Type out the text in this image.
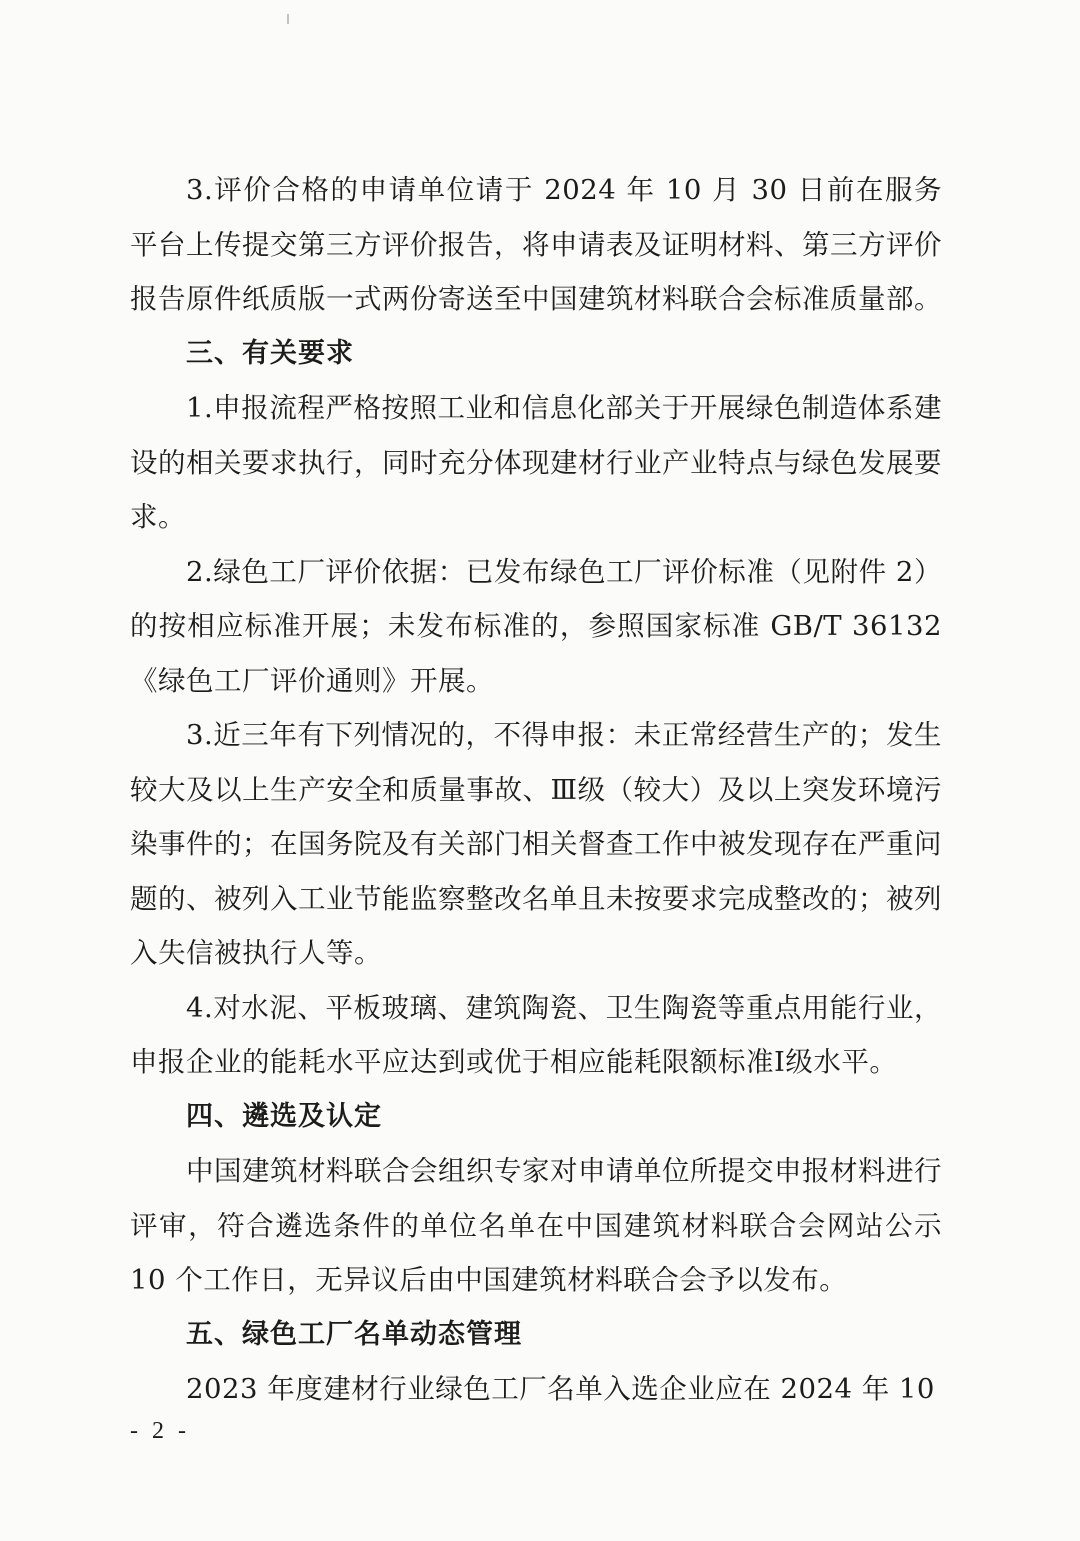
3.评价合格的申请单位请于 2024 年 10 月 30 日前在服务平台上传提交第三方评价报告，将申请表及证明材料、第三方评价报告原件纸质版一式两份寄送至中国建筑材料联合会标准质量部。

三、有关要求

1.申报流程严格按照工业和信息化部关于开展绿色制造体系建设的相关要求执行，同时充分体现建材行业产业特点与绿色发展要求。

2.绿色工厂评价依据：已发布绿色工厂评价标准（见附件 2）的按相应标准开展；未发布标准的，参照国家标准 GB/T 36132《绿色工厂评价通则》开展。

3.近三年有下列情况的，不得申报：未正常经营生产的；发生较大及以上生产安全和质量事故、Ⅲ级（较大）及以上突发环境污染事件的；在国务院及有关部门相关督查工作中被发现存在严重问题的、被列入工业节能监察整改名单且未按要求完成整改的；被列入失信被执行人等。

4.对水泥、平板玻璃、建筑陶瓷、卫生陶瓷等重点用能行业，申报企业的能耗水平应达到或优于相应能耗限额标准Ⅰ级水平。

四、遴选及认定

中国建筑材料联合会组织专家对申请单位所提交申报材料进行评审，符合遴选条件的单位名单在中国建筑材料联合会网站公示 10 个工作日，无异议后由中国建筑材料联合会予以发布。

五、绿色工厂名单动态管理

2023 年度建材行业绿色工厂名单入选企业应在 2024 年 10

- 2 -
